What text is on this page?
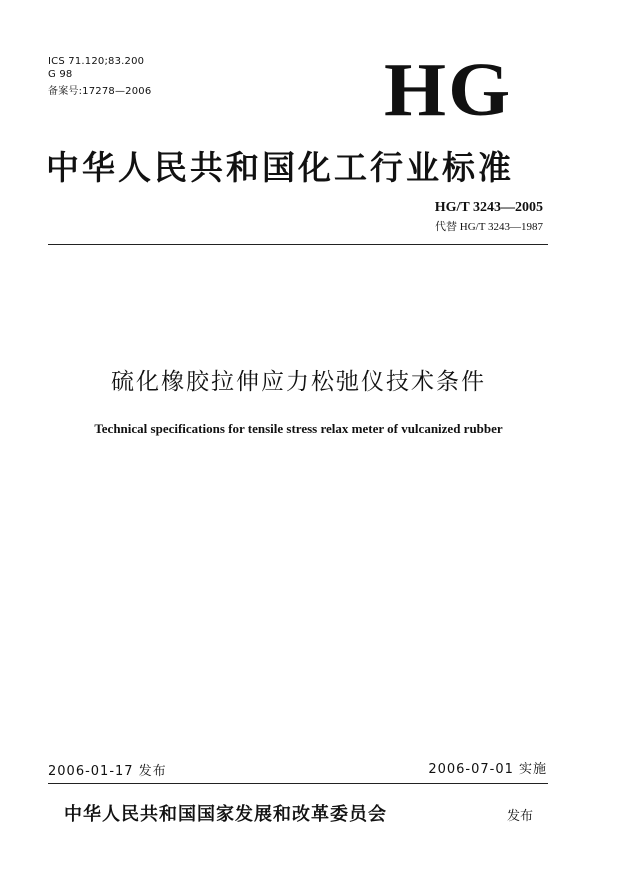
ICS 71.120;83.200
G 98
备案号:17278—2006	HG
中华人民共和国化工行业标准
HG/T 3243—2005
代替 HG/T 3243—1987
硫化橡胶拉伸应力松弛仪技术条件
Technical specifications for tensile stress relax meter of vulcanized rubber
2006-01-17 发布	2006-07-01 实施
中华人民共和国国家发展和改革委员会	发布
